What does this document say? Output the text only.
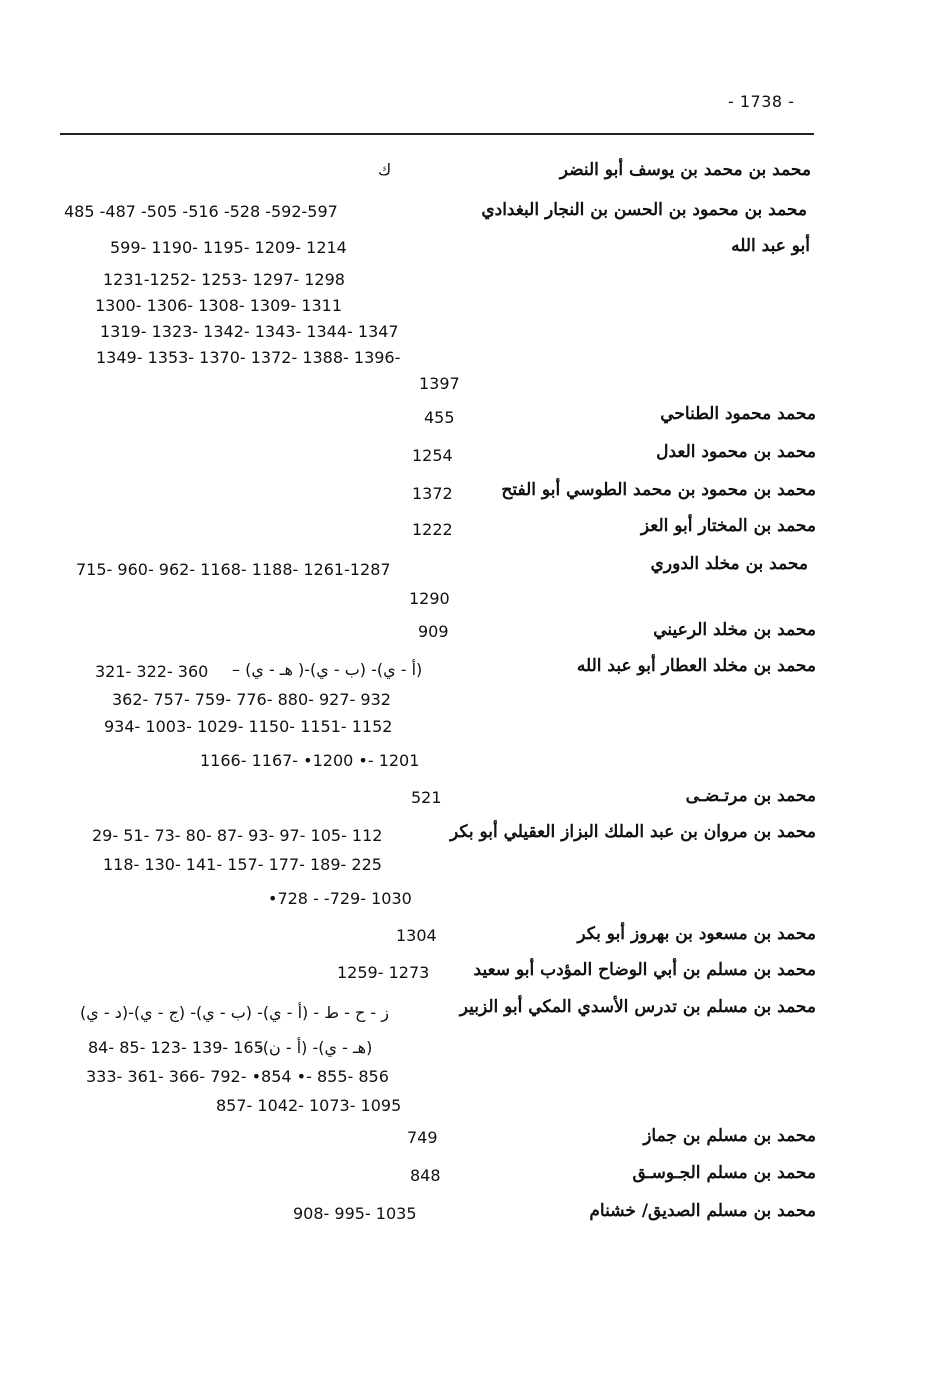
- 1738 -
محمد بن محمد بن يوسف أبو النضر
ك
محمد بن محمود بن الحسن بن النجار البغدادي
أبو عبد الله
485 -487 -505 -516 -528 -592-597
599- 1190- 1195- 1209- 1214
1231-1252- 1253- 1297- 1298
1300- 1306- 1308- 1309- 1311
1319- 1323- 1342- 1343- 1344- 1347
1349- 1353- 1370- 1372- 1388- 1396-
1397
محمد محمود الطناحي
455
محمد بن محمود العدل
1254
محمد بن محمود بن محمد الطوسي أبو الفتح
1372
محمد بن المختار أبو العز
1222
محمد بن مخلد الدوري
715- 960- 962- 1168- 1188- 1261-1287
1290
محمد بن مخلد الرعيني
909
محمد بن مخلد العطار أبو عبد الله
(أ - ي)- (ب - ي)-( هـ - ي) –
321- 322- 360
362- 757- 759- 776- 880- 927- 932
934- 1003- 1029- 1150- 1151- 1152
1166- 1167- •1200 •- 1201
محمد بن مرتـضـى
521
محمد بن مروان بن عبد الملك البزاز العقيلي أبو بكر
29- 51- 73- 80- 87- 93- 97- 105- 112
118- 130- 141- 157- 177- 189- 225
•728 - -729- 1030
محمد بن مسعود بن بهروز أبو بكر
1304
محمد بن مسلم بن أبي الوضاح المؤدب أبو سعيد
1259- 1273
محمد بن مسلم بن تدرس الأسدي المكي أبو الزبير
ز - ح - ط - (أ - ي)- (ب - ي)- (ج - ي)-(د - ي)
(هـ - ي)- (أ - ن)-
84- 85- 123- 139- 165
333- 361- 366- 792- •854 •- 855- 856
857- 1042- 1073- 1095
محمد بن مسلم بن جماز
749
محمد بن مسلم الجـوسـق
848
محمد بن مسلم الصديق/ خشنام
908- 995- 1035
